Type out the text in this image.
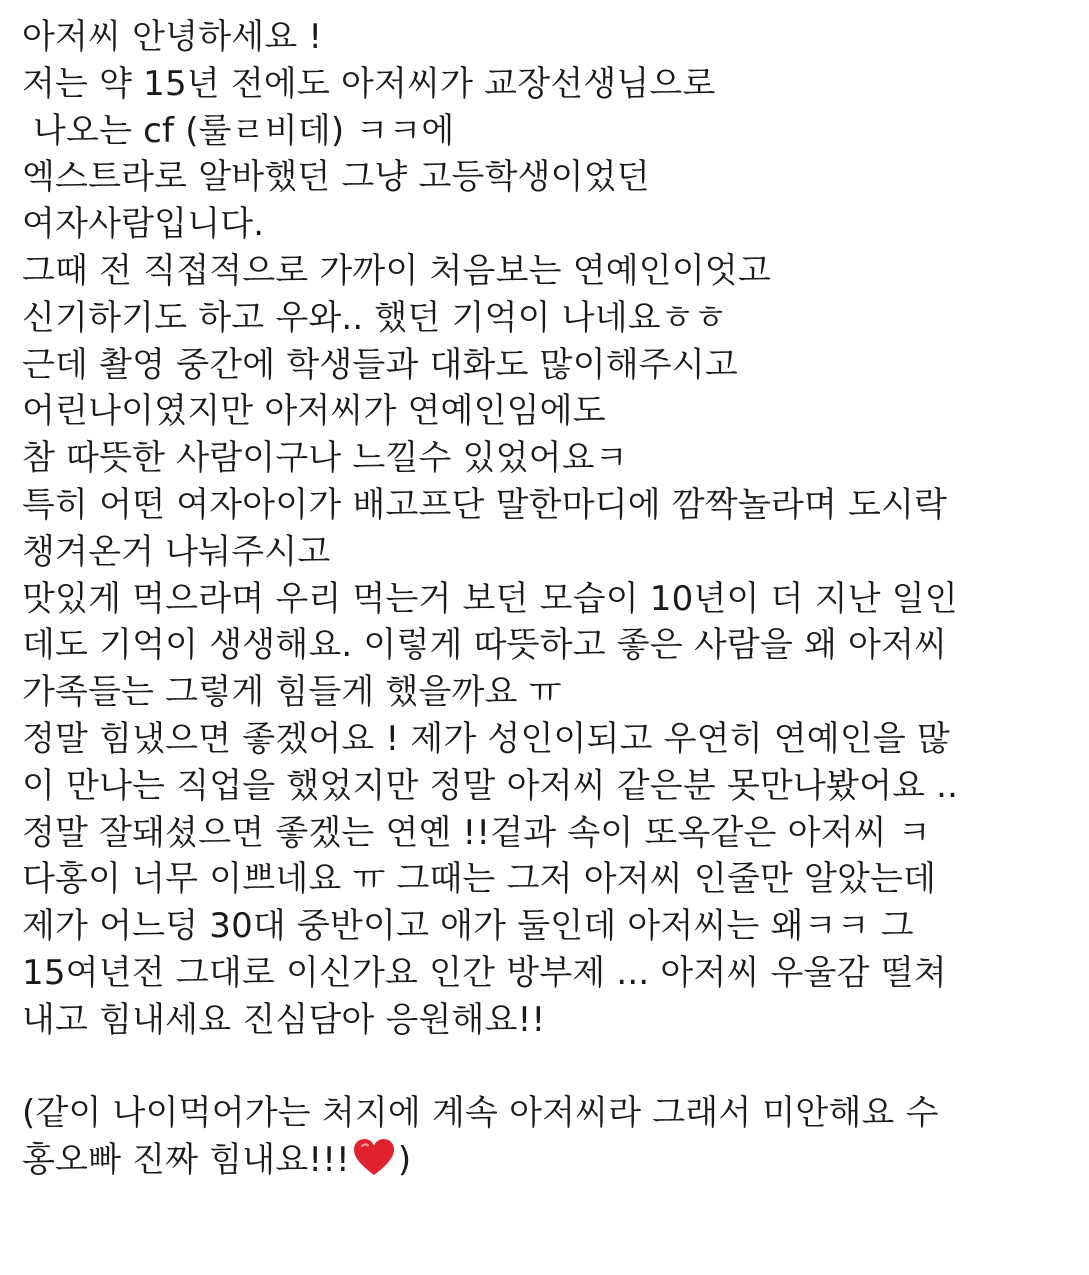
아저씨 안녕하세요 !
저는 약 15년 전에도 아저씨가 교장선생님으로
나오는 cf (룰ㄹ비데) ㅋㅋ에
엑스트라로 알바했던 그냥 고등학생이었던
여자사람입니다.
그때 전 직접적으로 가까이 처음보는 연예인이엇고
신기하기도 하고 우와.. 했던 기억이 나네요ㅎㅎ
근데 촬영 중간에 학생들과 대화도 많이해주시고
어린나이였지만 아저씨가 연예인임에도
참 따뜻한 사람이구나 느낄수 있었어요ㅋ
특히 어떤 여자아이가 배고프단 말한마디에 깜짝놀라며 도시락
챙겨온거 나눠주시고
맛있게 먹으라며 우리 먹는거 보던 모습이 10년이 더 지난 일인
데도 기억이 생생해요. 이렇게 따뜻하고 좋은 사람을 왜 아저씨
가족들는 그렇게 힘들게 했을까요 ㅠ
정말 힘냈으면 좋겠어요 ! 제가 성인이되고 우연히 연예인을 많
이 만나는 직업을 했었지만 정말 아저씨 같은분 못만나봤어요 ..
정말 잘돼셨으면 좋겠는 연옌 !!겉과 속이 또옥같은 아저씨 ㅋ
다홍이 너무 이쁘네요 ㅠ 그때는 그저 아저씨 인줄만 알았는데
제가 어느덩 30대 중반이고 애가 둘인데 아저씨는 왜ㅋㅋ 그
15여년전 그대로 이신가요 인간 방부제 ... 아저씨 우울감 떨쳐
내고 힘내세요 진심담아 응원해요!!
(같이 나이먹어가는 처지에 계속 아저씨라 그래서 미안해요 수
홍오빠 진짜 힘내요!!! )
